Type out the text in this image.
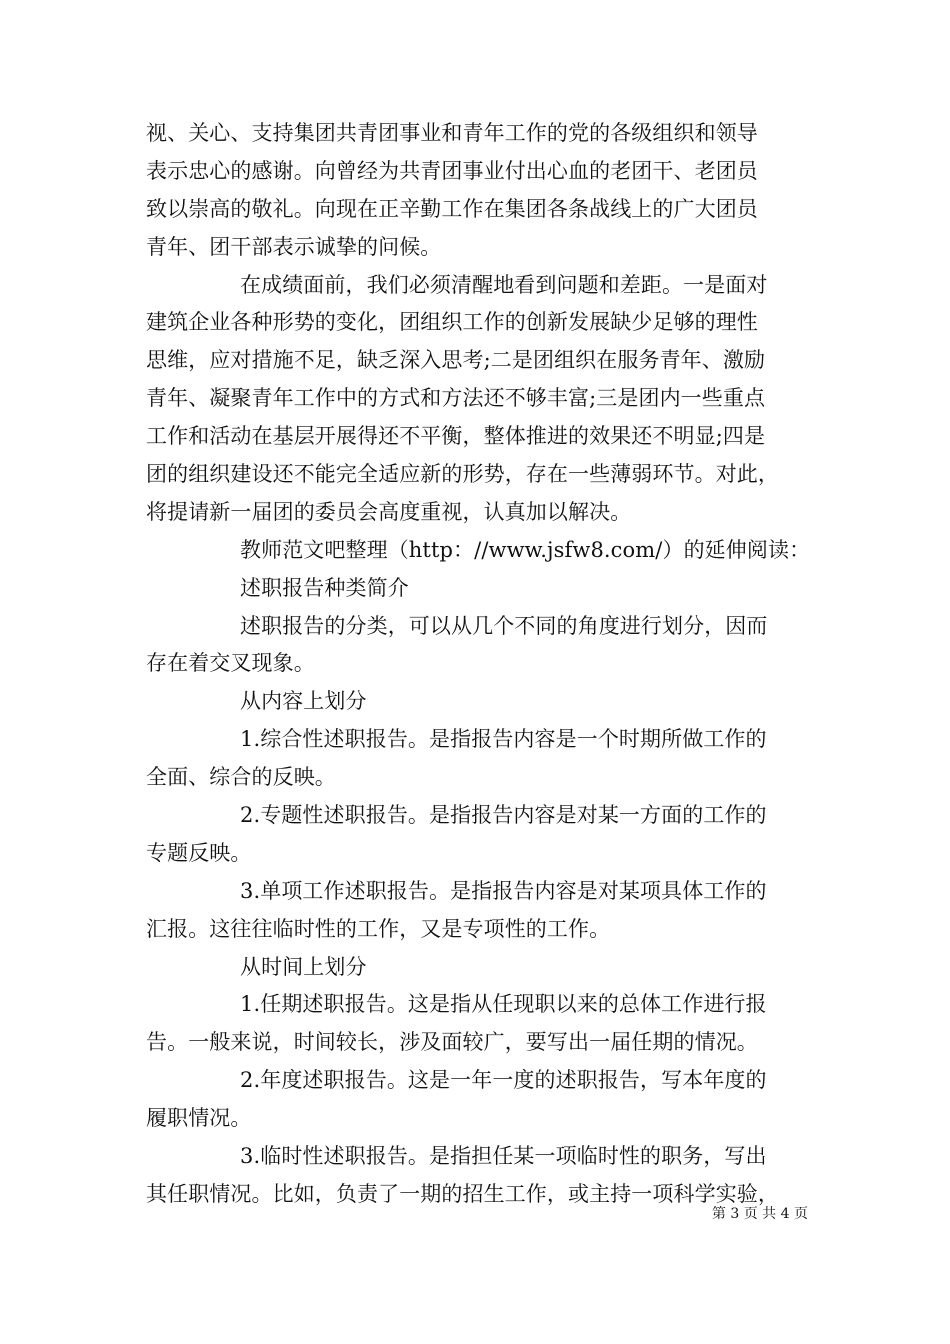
视、关心、支持集团共青团事业和青年工作的党的各级组织和领导
表示忠心的感谢。向曾经为共青团事业付出心血的老团干、老团员
致以崇高的敬礼。向现在正辛勤工作在集团各条战线上的广大团员
青年、团干部表示诚挚的问候。
在成绩面前，我们必须清醒地看到问题和差距。一是面对
建筑企业各种形势的变化，团组织工作的创新发展缺少足够的理性
思维，应对措施不足，缺乏深入思考;二是团组织在服务青年、激励
青年、凝聚青年工作中的方式和方法还不够丰富;三是团内一些重点
工作和活动在基层开展得还不平衡，整体推进的效果还不明显;四是
团的组织建设还不能完全适应新的形势，存在一些薄弱环节。对此，
将提请新一届团的委员会高度重视，认真加以解决。
教师范文吧整理（http：//www.jsfw8.com/）的延伸阅读：
述职报告种类简介
述职报告的分类，可以从几个不同的角度进行划分，因而
存在着交叉现象。
从内容上划分
1.综合性述职报告。是指报告内容是一个时期所做工作的
全面、综合的反映。
2.专题性述职报告。是指报告内容是对某一方面的工作的
专题反映。
3.单项工作述职报告。是指报告内容是对某项具体工作的
汇报。这往往临时性的工作，又是专项性的工作。
从时间上划分
1.任期述职报告。这是指从任现职以来的总体工作进行报
告。一般来说，时间较长，涉及面较广，要写出一届任期的情况。
2.年度述职报告。这是一年一度的述职报告，写本年度的
履职情况。
3.临时性述职报告。是指担任某一项临时性的职务，写出
其任职情况。比如，负责了一期的招生工作，或主持一项科学实验，
第 3 页 共 4 页
